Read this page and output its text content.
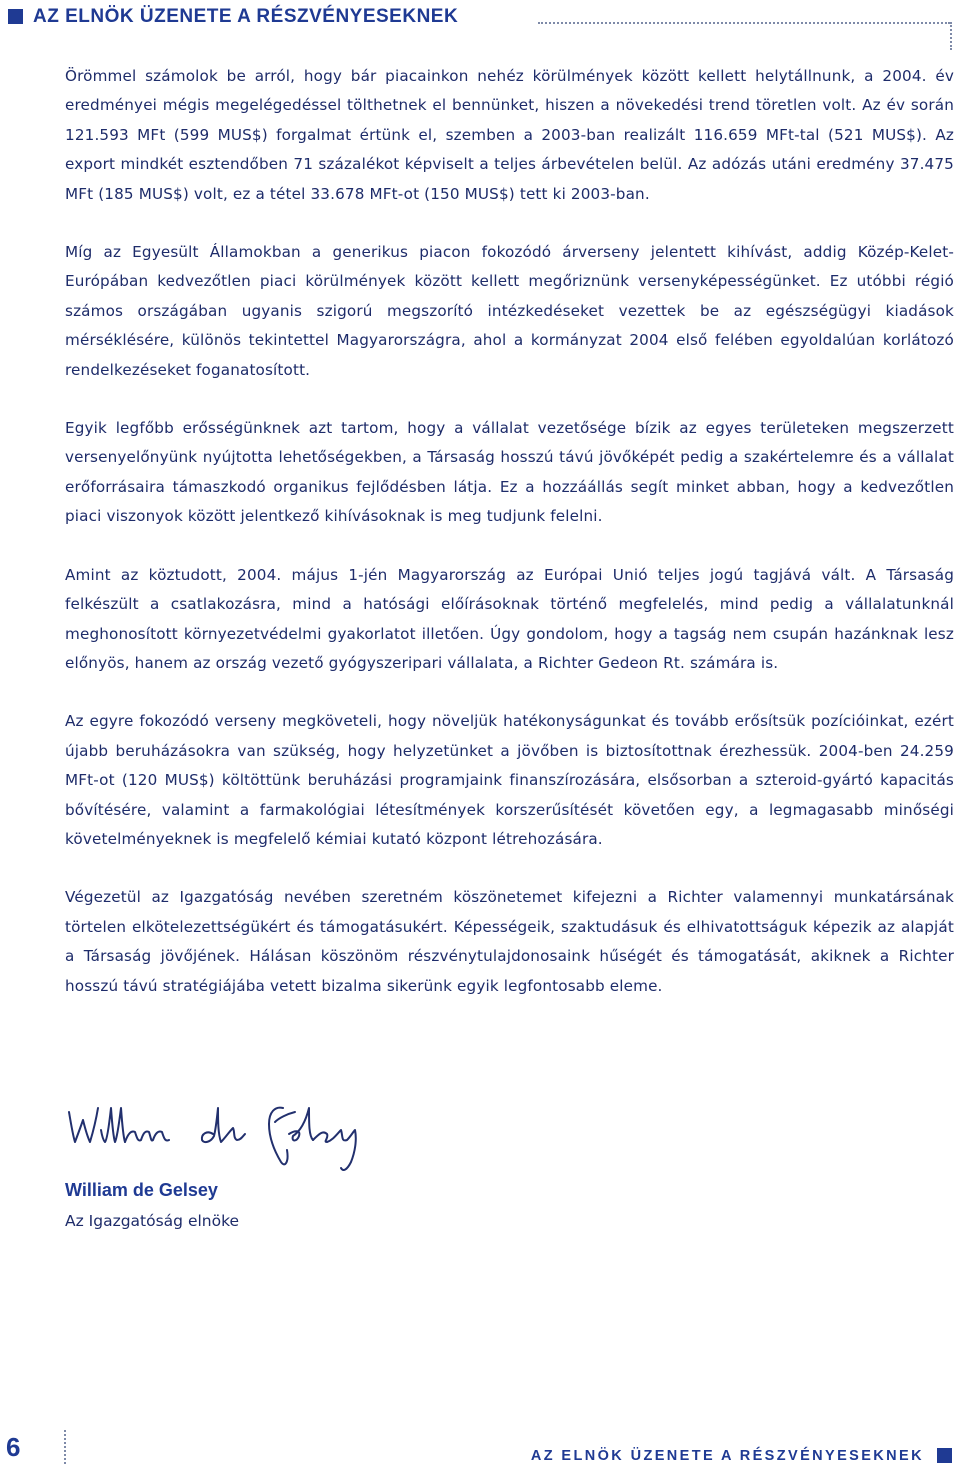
AZ ELNÖK ÜZENETE A RÉSZVÉNYESEKNEK

Örömmel számolok be arról, hogy bár piacainkon nehéz körülmények között kellett helytállnunk, a 2004. év eredményei mégis megelégedéssel tölthetnek el bennünket, hiszen a növekedési trend töretlen volt. Az év során 121.593 MFt (599 MUS$) forgalmat értünk el, szemben a 2003-ban realizált 116.659 MFt-tal (521 MUS$). Az export mindkét esztendőben 71 százalékot képviselt a teljes árbevételen belül. Az adózás utáni eredmény 37.475 MFt (185 MUS$) volt, ez a tétel 33.678 MFt-ot (150 MUS$) tett ki 2003-ban.

Míg az Egyesült Államokban a generikus piacon fokozódó árverseny jelentett kihívást, addig Közép-Kelet-Európában kedvezőtlen piaci körülmények között kellett megőriznünk versenyképességünket. Ez utóbbi régió számos országában ugyanis szigorú megszorító intézkedéseket vezettek be az egészségügyi kiadások mérséklésére, különös tekintettel Magyarországra, ahol a kormányzat 2004 első felében egyoldalúan korlátozó rendelkezéseket foganatosított.

Egyik legfőbb erősségünknek azt tartom, hogy a vállalat vezetősége bízik az egyes területeken megszerzett versenyelőnyünk nyújtotta lehetőségekben, a Társaság hosszú távú jövőképét pedig a szakértelemre és a vállalat erőforrásaira támaszkodó organikus fejlődésben látja. Ez a hozzáállás segít minket abban, hogy a kedvezőtlen piaci viszonyok között jelentkező kihívásoknak is meg tudjunk felelni.

Amint az köztudott, 2004. május 1-jén Magyarország az Európai Unió teljes jogú tagjává vált. A Társaság felkészült a csatlakozásra, mind a hatósági előírásoknak történő megfelelés, mind pedig a vállalatunknál meghonosított környezetvédelmi gyakorlatot illetően. Úgy gondolom, hogy a tagság nem csupán hazánknak lesz előnyös, hanem az ország vezető gyógyszeripari vállalata, a Richter Gedeon Rt. számára is.

Az egyre fokozódó verseny megköveteli, hogy növeljük hatékonyságunkat és tovább erősítsük pozícióinkat, ezért újabb beruházásokra van szükség, hogy helyzetünket a jövőben is biztosítottnak érezhessük. 2004-ben 24.259 MFt-ot (120 MUS$) költöttünk beruházási programjaink finanszírozására, elsősorban a szteroid-gyártó kapacitás bővítésére, valamint a farmakológiai létesítmények korszerűsítését követően egy, a legmagasabb minőségi követelményeknek is megfelelő kémiai kutató központ létrehozására.

Végezetül az Igazgatóság nevében szeretném köszönetemet kifejezni a Richter valamennyi munkatársának törtelen elkötelezettségükért és támogatásukért. Képességeik, szaktudásuk és elhivatottságuk képezik az alapját a Társaság jövőjének. Hálásan köszönöm részvénytulajdonosaink hűségét és támogatását, akiknek a Richter hosszú távú stratégiájába vetett bizalma sikerünk egyik legfontosabb eleme.

William de Gelsey
Az Igazgatóság elnöke
6	AZ ELNÖK ÜZENETE A RÉSZVÉNYESEKNEK
